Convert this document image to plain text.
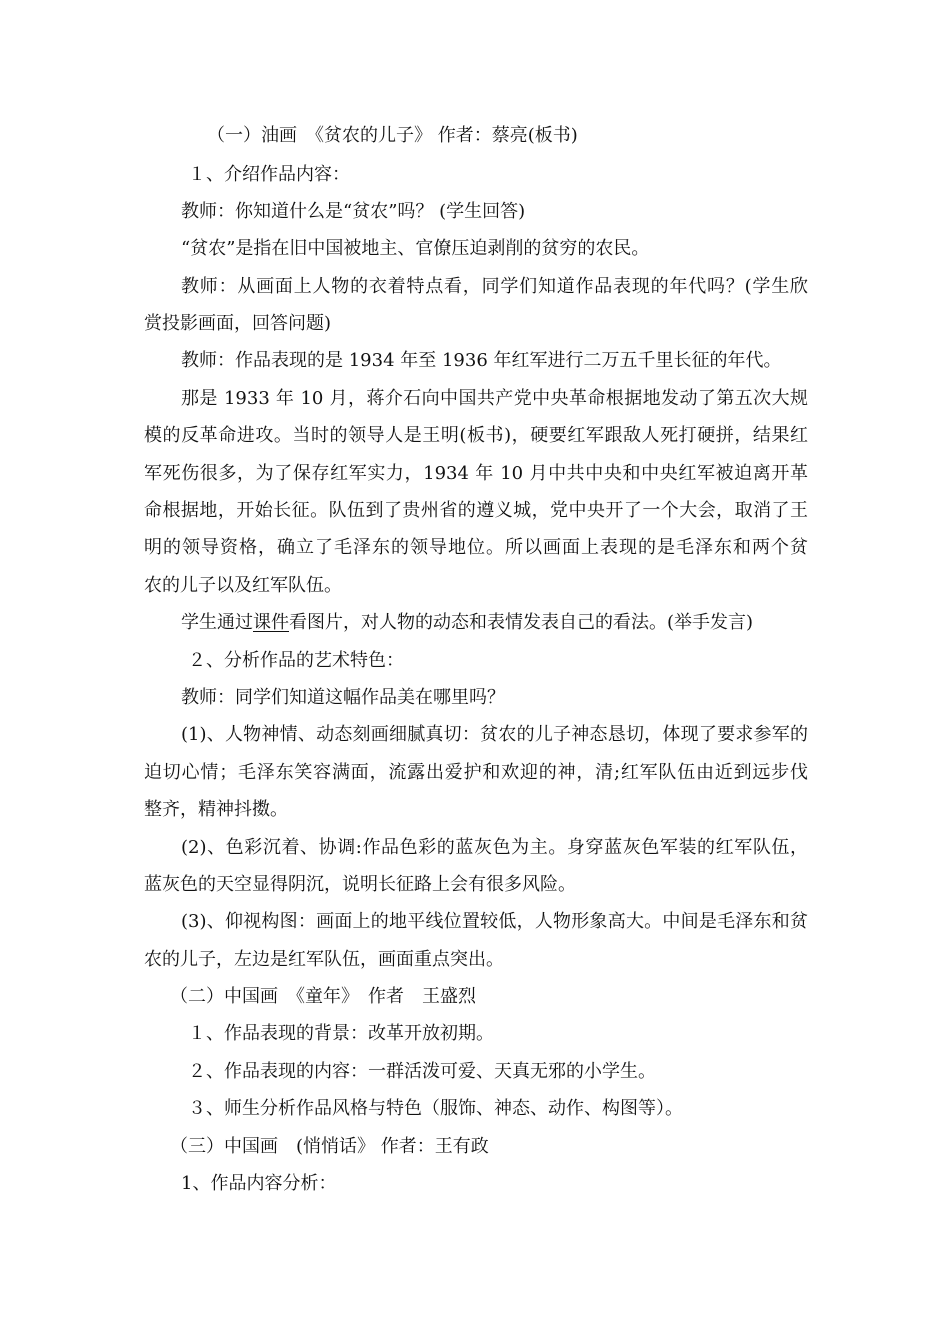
（一）油画　《贫农的儿子》 作者：蔡亮(板书)
１、介绍作品内容：
教师：你知道什么是“贫农”吗？ (学生回答)
“贫农”是指在旧中国被地主、官僚压迫剥削的贫穷的农民。
教师：从画面上人物的衣着特点看，同学们知道作品表现的年代吗？(学生欣
赏投影画面，回答问题)
教师：作品表现的是 1934 年至 1936 年红军进行二万五千里长征的年代。
那是 1933 年 10 月，蒋介石向中国共产党中央革命根据地发动了第五次大规
模的反革命进攻。当时的领导人是王明(板书)，硬要红军跟敌人死打硬拼，结果红
军死伤很多，为了保存红军实力，1934 年 10 月中共中央和中央红军被迫离开革
命根据地，开始长征。队伍到了贵州省的遵义城，党中央开了一个大会，取消了王
明的领导资格，确立了毛泽东的领导地位。所以画面上表现的是毛泽东和两个贫
农的儿子以及红军队伍。
学生通过课件看图片，对人物的动态和表情发表自己的看法。(举手发言)
２、分析作品的艺术特色：
教师：同学们知道这幅作品美在哪里吗？
(1)、人物神情、动态刻画细腻真切：贫农的儿子神态恳切，体现了要求参军的
迫切心情；毛泽东笑容满面，流露出爱护和欢迎的神，清;红军队伍由近到远步伐
整齐，精神抖擞。
(2)、色彩沉着、协调:作品色彩的蓝灰色为主。身穿蓝灰色军装的红军队伍，
蓝灰色的天空显得阴沉，说明长征路上会有很多风险。
(3)、仰视构图：画面上的地平线位置较低，人物形象高大。中间是毛泽东和贫
农的儿子，左边是红军队伍，画面重点突出。
（二）中国画　《童年》　作者　王盛烈
１、作品表现的背景：改革开放初期。
２、作品表现的内容：一群活泼可爱、天真无邪的小学生。
３、师生分析作品风格与特色（服饰、神态、动作、构图等）。
（三）中国画　(悄悄话》 作者：王有政
1、作品内容分析：
